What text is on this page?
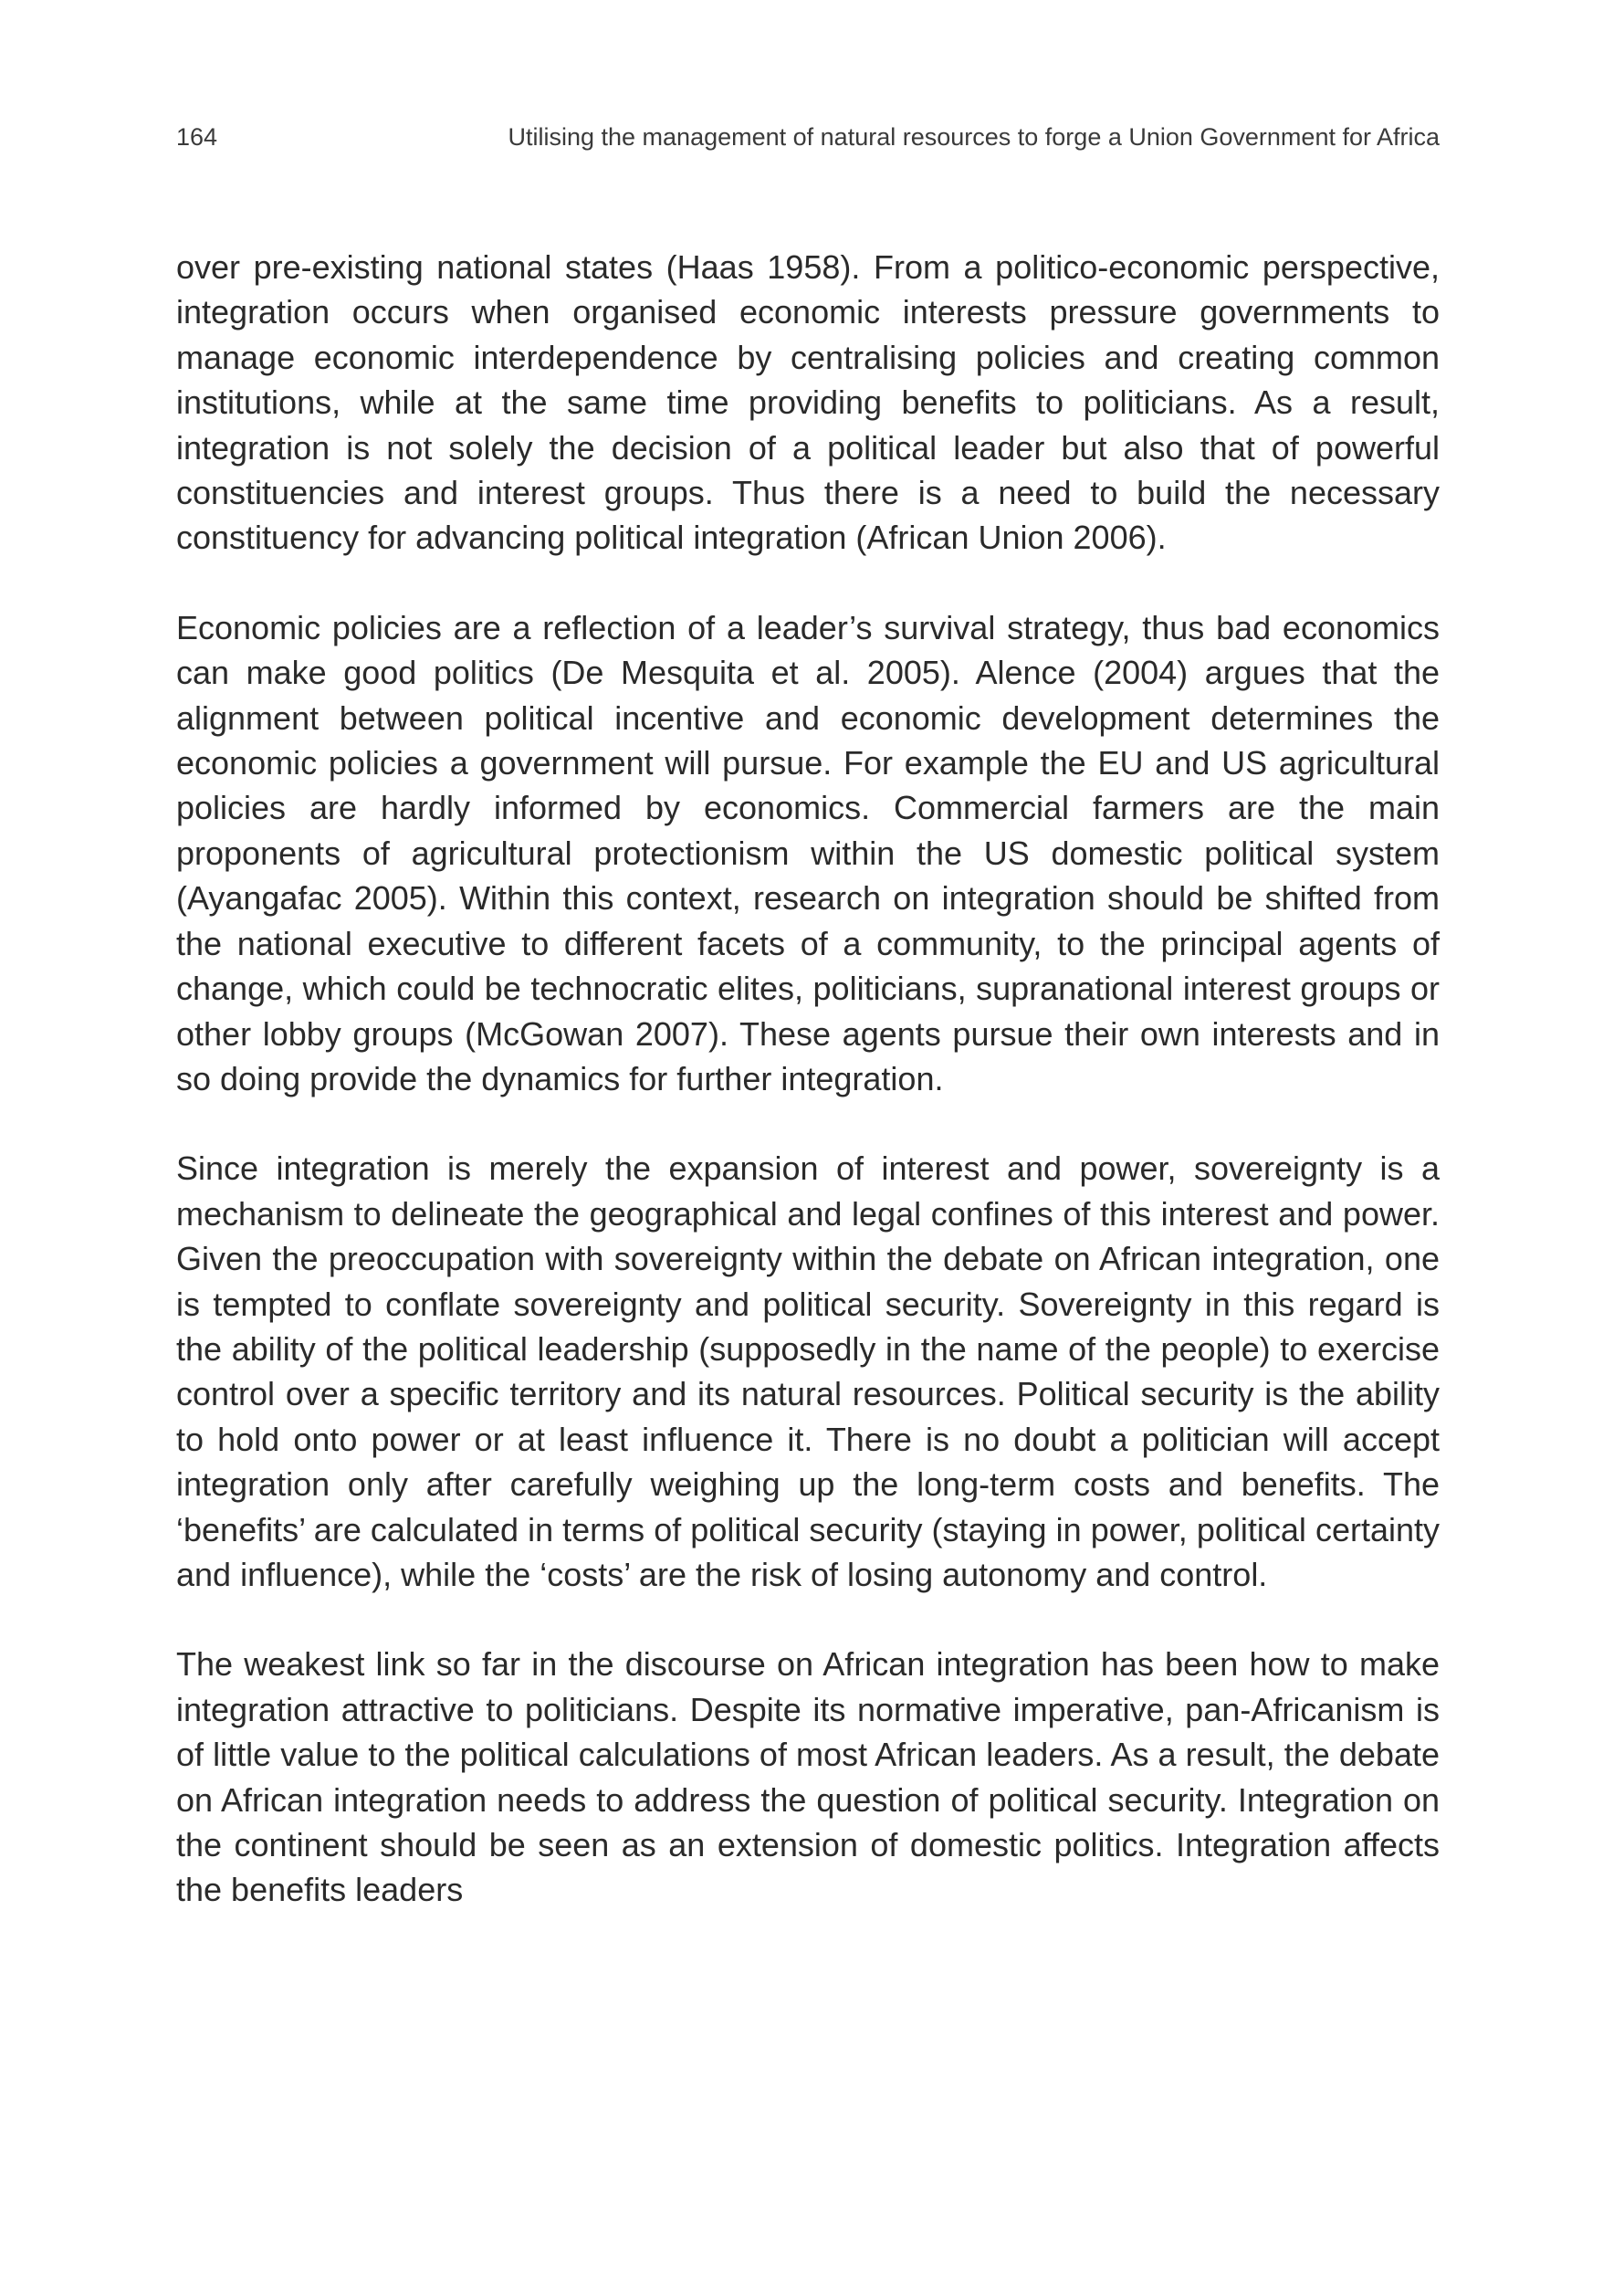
164	Utilising the management of natural resources to forge a Union Government for Africa

over pre-existing national states (Haas 1958). From a politico-economic perspective, integration occurs when organised economic interests pressure governments to manage economic interdependence by centralising policies and creating common institutions, while at the same time providing benefits to politicians. As a result, integration is not solely the decision of a political leader but also that of powerful constituencies and interest groups. Thus there is a need to build the necessary constituency for advancing political integration (African Union 2006).

Economic policies are a reflection of a leader’s survival strategy, thus bad economics can make good politics (De Mesquita et al. 2005). Alence (2004) argues that the alignment between political incentive and economic development determines the economic policies a government will pursue. For example the EU and US agricultural policies are hardly informed by economics. Commercial farmers are the main proponents of agricultural protectionism within the US domestic political system (Ayangafac 2005). Within this context, research on integration should be shifted from the national executive to different facets of a community, to the principal agents of change, which could be technocratic elites, politicians, supranational interest groups or other lobby groups (McGowan 2007). These agents pursue their own interests and in so doing provide the dynamics for further integration.

Since integration is merely the expansion of interest and power, sovereignty is a mechanism to delineate the geographical and legal confines of this interest and power. Given the preoccupation with sovereignty within the debate on African integration, one is tempted to conflate sovereignty and political security. Sovereignty in this regard is the ability of the political leadership (supposedly in the name of the people) to exercise control over a specific territory and its natural resources. Political security is the ability to hold onto power or at least influence it. There is no doubt a politician will accept integration only after carefully weighing up the long-term costs and benefits. The ‘benefits’ are calculated in terms of political security (staying in power, political certainty and influence), while the ‘costs’ are the risk of losing autonomy and control.

The weakest link so far in the discourse on African integration has been how to make integration attractive to politicians. Despite its normative imperative, pan-Africanism is of little value to the political calculations of most African leaders. As a result, the debate on African integration needs to address the question of political security. Integration on the continent should be seen as an extension of domestic politics. Integration affects the benefits leaders
